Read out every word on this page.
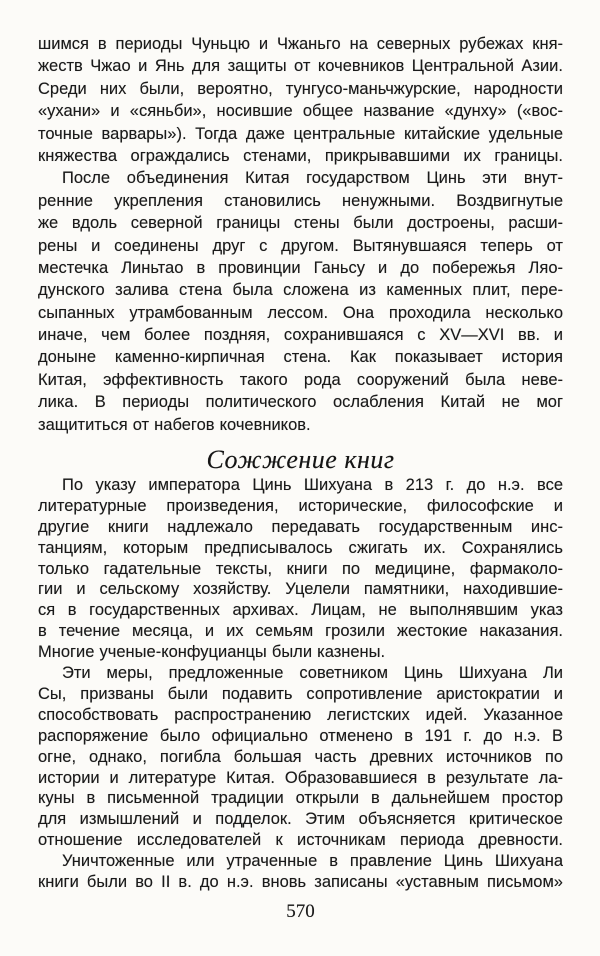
шимся в периоды Чуньцю и Чжаньго на северных рубежах кня-
жеств Чжао и Янь для защиты от кочевников Центральной Азии.
Среди них были, вероятно, тунгусо-маньчжурские, народности
«ухани» и «сяньби», носившие общее название «дунху» («вос-
точные варвары»). Тогда даже центральные китайские удельные
княжества ограждались стенами, прикрывавшими их границы.
После объединения Китая государством Цинь эти внут-
ренние укрепления становились ненужными. Воздвигнутые
же вдоль северной границы стены были достроены, расши-
рены и соединены друг с другом. Вытянувшаяся теперь от
местечка Линьтао в провинции Ганьсу и до побережья Ляо-
дунского залива стена была сложена из каменных плит, пере-
сыпанных утрамбованным лессом. Она проходила несколько
иначе, чем более поздняя, сохранившаяся с XV—XVI вв. и
доныне каменно-кирпичная стена. Как показывает история
Китая, эффективность такого рода сооружений была неве-
лика. В периоды политического ослабления Китай не мог
защититься от набегов кочевников.
Сожжение книг
По указу императора Цинь Шихуана в 213 г. до н.э. все
литературные произведения, исторические, философские и
другие книги надлежало передавать государственным инс-
танциям, которым предписывалось сжигать их. Сохранялись
только гадательные тексты, книги по медицине, фармаколо-
гии и сельскому хозяйству. Уцелели памятники, находившие-
ся в государственных архивах. Лицам, не выполнявшим указ
в течение месяца, и их семьям грозили жестокие наказания.
Многие ученые-конфуцианцы были казнены.
Эти меры, предложенные советником Цинь Шихуана Ли
Сы, призваны были подавить сопротивление аристократии и
способствовать распространению легистских идей. Указанное
распоряжение было официально отменено в 191 г. до н.э. В
огне, однако, погибла большая часть древних источников по
истории и литературе Китая. Образовавшиеся в результате ла-
куны в письменной традиции открыли в дальнейшем простор
для измышлений и подделок. Этим объясняется критическое
отношение исследователей к источникам периода древности.
Уничтоженные или утраченные в правление Цинь Шихуана
книги были во II в. до н.э. вновь записаны «уставным письмом»
570
